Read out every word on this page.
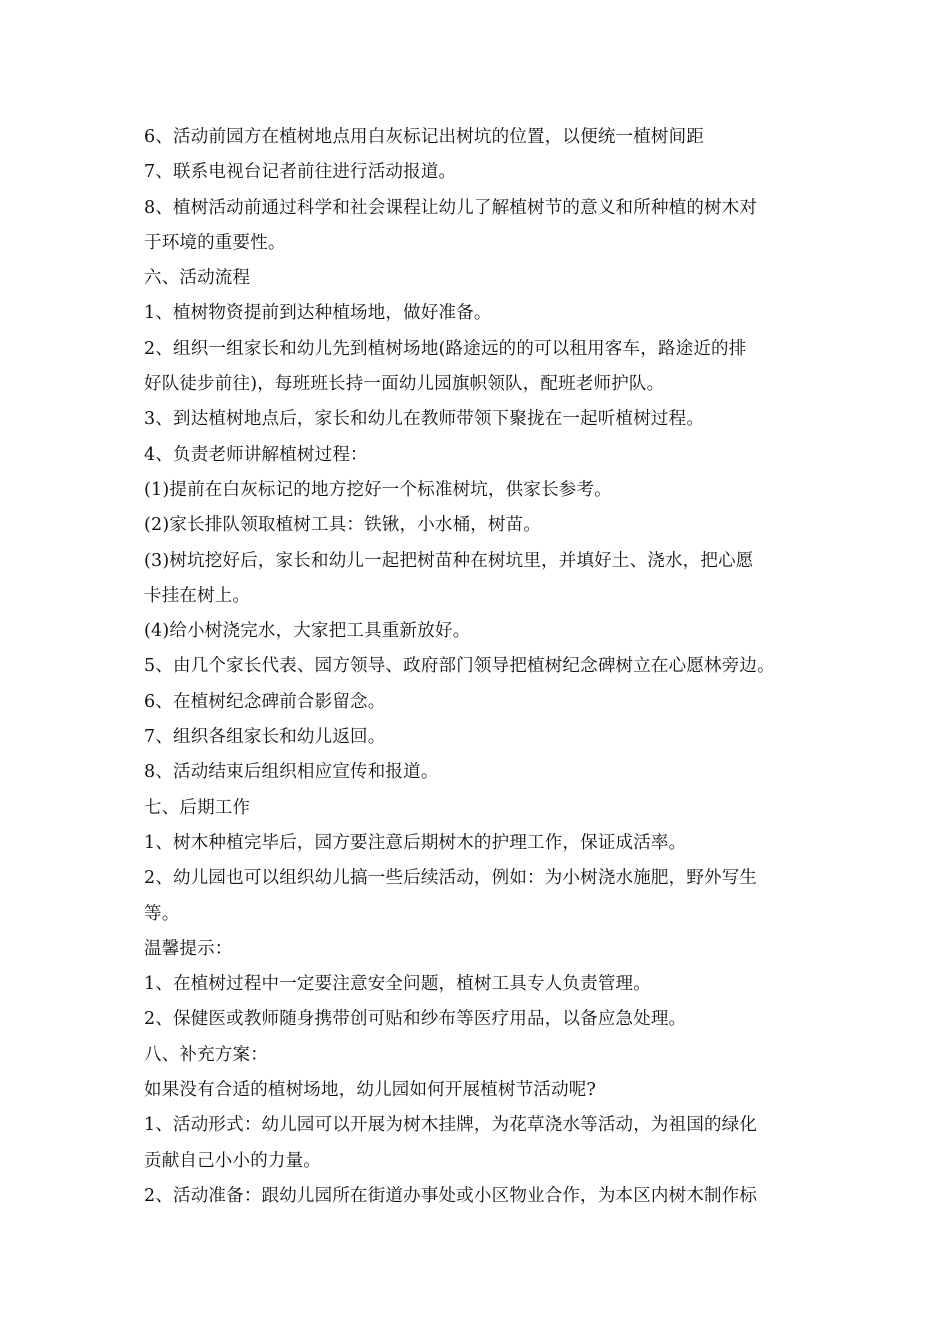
6、活动前园方在植树地点用白灰标记出树坑的位置，以便统一植树间距
7、联系电视台记者前往进行活动报道。
8、植树活动前通过科学和社会课程让幼儿了解植树节的意义和所种植的树木对
于环境的重要性。
六、活动流程
1、植树物资提前到达种植场地，做好准备。
2、组织一组家长和幼儿先到植树场地(路途远的的可以租用客车，路途近的排
好队徒步前往)，每班班长持一面幼儿园旗帜领队，配班老师护队。
3、到达植树地点后，家长和幼儿在教师带领下聚拢在一起听植树过程。
4、负责老师讲解植树过程：
(1)提前在白灰标记的地方挖好一个标准树坑，供家长参考。
(2)家长排队领取植树工具：铁锹，小水桶，树苗。
(3)树坑挖好后，家长和幼儿一起把树苗种在树坑里，并填好土、浇水，把心愿
卡挂在树上。
(4)给小树浇完水，大家把工具重新放好。
5、由几个家长代表、园方领导、政府部门领导把植树纪念碑树立在心愿林旁边。
6、在植树纪念碑前合影留念。
7、组织各组家长和幼儿返回。
8、活动结束后组织相应宣传和报道。
七、后期工作
1、树木种植完毕后，园方要注意后期树木的护理工作，保证成活率。
2、幼儿园也可以组织幼儿搞一些后续活动，例如：为小树浇水施肥，野外写生
等。
温馨提示：
1、在植树过程中一定要注意安全问题，植树工具专人负责管理。
2、保健医或教师随身携带创可贴和纱布等医疗用品，以备应急处理。
八、补充方案：
如果没有合适的植树场地，幼儿园如何开展植树节活动呢?
1、活动形式：幼儿园可以开展为树木挂牌，为花草浇水等活动，为祖国的绿化
贡献自己小小的力量。
2、活动准备：跟幼儿园所在街道办事处或小区物业合作，为本区内树木制作标
